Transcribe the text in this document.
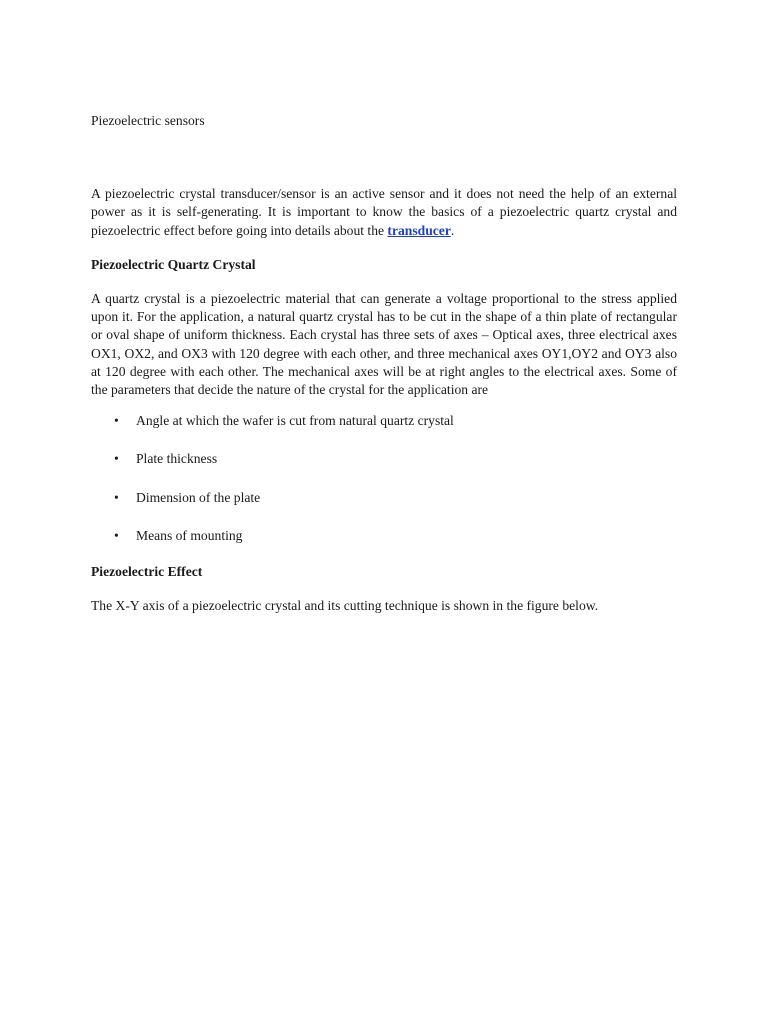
Piezoelectric sensors

A piezoelectric crystal transducer/sensor is an active sensor and it does not need the help of an external power as it is self-generating. It is important to know the basics of a piezoelectric quartz crystal and piezoelectric effect before going into details about the transducer.

Piezoelectric Quartz Crystal

A quartz crystal is a piezoelectric material that can generate a voltage proportional to the stress applied upon it. For the application, a natural quartz crystal has to be cut in the shape of a thin plate of rectangular or oval shape of uniform thickness. Each crystal has three sets of axes – Optical axes, three electrical axes OX1, OX2, and OX3 with 120 degree with each other, and three mechanical axes OY1,OY2 and OY3 also at 120 degree with each other. The mechanical axes will be at right angles to the electrical axes. Some of the parameters that decide the nature of the crystal for the application are

• Angle at which the wafer is cut from natural quartz crystal
• Plate thickness
• Dimension of the plate
• Means of mounting

Piezoelectric Effect

The X-Y axis of a piezoelectric crystal and its cutting technique is shown in the figure below.
